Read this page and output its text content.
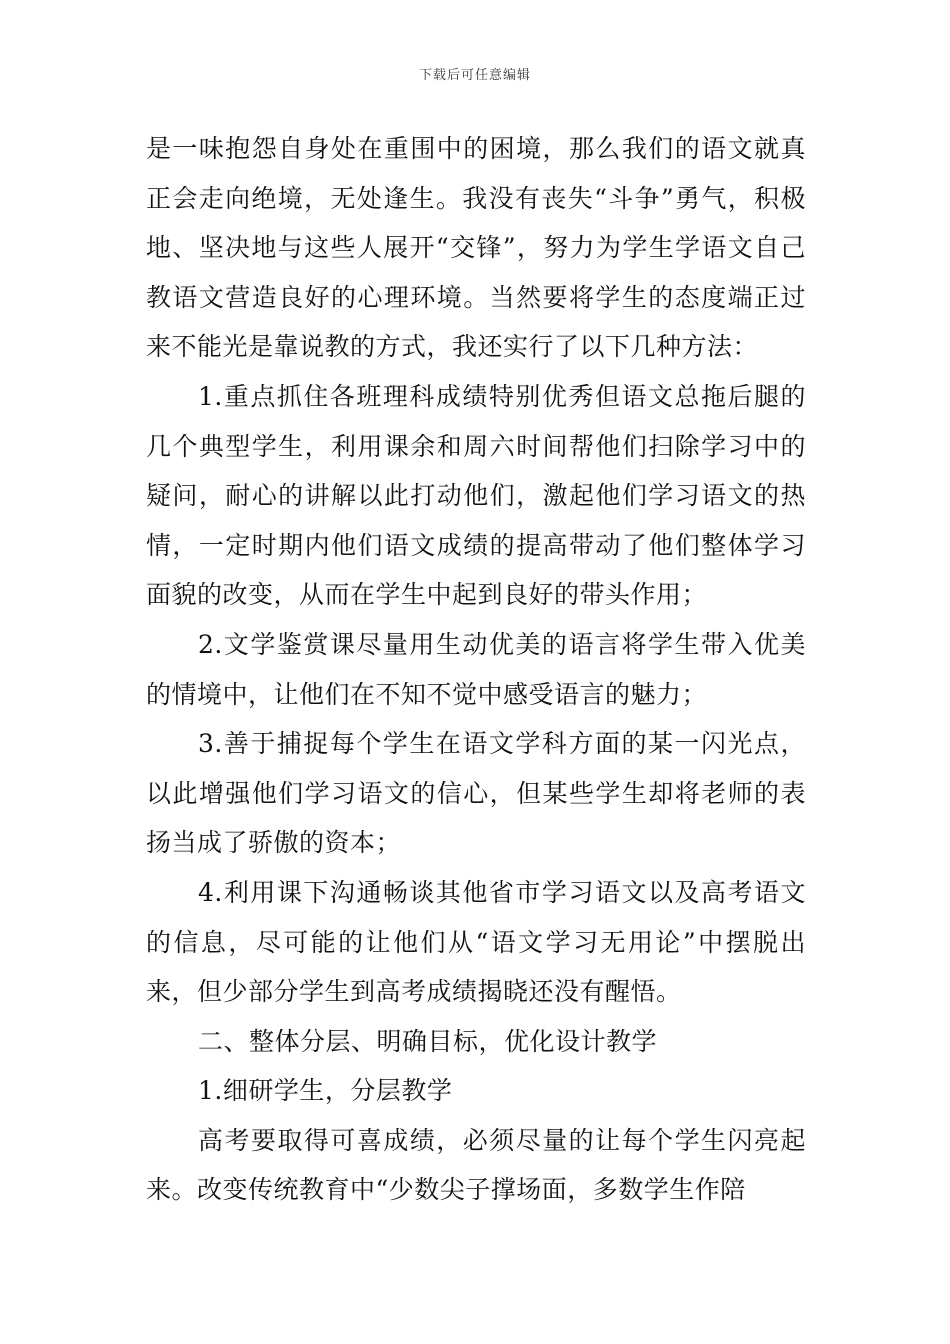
下载后可任意编辑

是一味抱怨自身处在重围中的困境，那么我们的语文就真正会走向绝境，无处逢生。我没有丧失“斗争”勇气，积极地、坚决地与这些人展开“交锋”，努力为学生学语文自己教语文营造良好的心理环境。当然要将学生的态度端正过来不能光是靠说教的方式，我还实行了以下几种方法：

1.重点抓住各班理科成绩特别优秀但语文总拖后腿的几个典型学生，利用课余和周六时间帮他们扫除学习中的疑问，耐心的讲解以此打动他们，激起他们学习语文的热情，一定时期内他们语文成绩的提高带动了他们整体学习面貌的改变，从而在学生中起到良好的带头作用；

2.文学鉴赏课尽量用生动优美的语言将学生带入优美的情境中，让他们在不知不觉中感受语言的魅力；

3.善于捕捉每个学生在语文学科方面的某一闪光点，以此增强他们学习语文的信心，但某些学生却将老师的表扬当成了骄傲的资本；

4.利用课下沟通畅谈其他省市学习语文以及高考语文的信息，尽可能的让他们从“语文学习无用论”中摆脱出来，但少部分学生到高考成绩揭晓还没有醒悟。

二、整体分层、明确目标，优化设计教学

1.细研学生，分层教学

高考要取得可喜成绩，必须尽量的让每个学生闪亮起来。改变传统教育中“少数尖子撑场面，多数学生作陪
